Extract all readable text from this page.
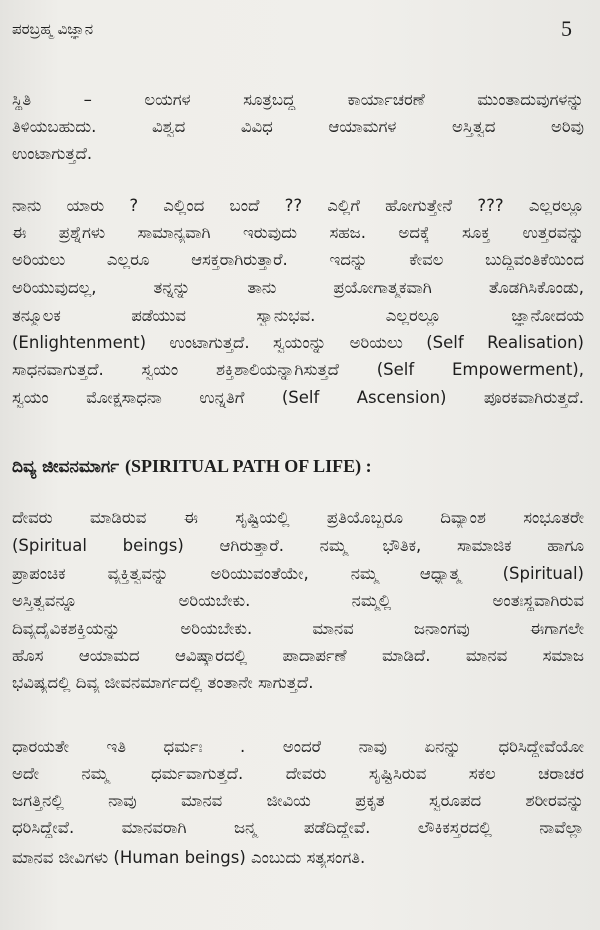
ಪರಬ್ರಹ್ಮ ವಿಜ್ಞಾನ	5
ಸ್ಥಿತಿ – ಲಯಗಳ ಸೂತ್ರಬದ್ಧ ಕಾರ್ಯಾಚರಣೆ ಮುಂತಾದುವುಗಳನ್ನು
ತಿಳಿಯಬಹುದು. ವಿಶ್ವದ ವಿವಿಧ ಆಯಾಮಗಳ ಅಸ್ತಿತ್ವದ ಅರಿವು
ಉಂಟಾಗುತ್ತದೆ.
ನಾನು ಯಾರು ? ಎಲ್ಲಿಂದ ಬಂದೆ ?? ಎಲ್ಲಿಗೆ ಹೋಗುತ್ತೇನೆ ??? ಎಲ್ಲರಲ್ಲೂ
ಈ ಪ್ರಶ್ನೆಗಳು ಸಾಮಾನ್ಯವಾಗಿ ಇರುವುದು ಸಹಜ. ಅದಕ್ಕೆ ಸೂಕ್ತ ಉತ್ತರವನ್ನು
ಅರಿಯಲು ಎಲ್ಲರೂ ಆಸಕ್ತರಾಗಿರುತ್ತಾರೆ. ಇದನ್ನು ಕೇವಲ ಬುದ್ಧಿವಂತಿಕೆಯಿಂದ
ಅರಿಯುವುದಲ್ಲ, ತನ್ನನ್ನು ತಾನು ಪ್ರಯೋಗಾತ್ಮಕವಾಗಿ ತೊಡಗಿಸಿಕೊಂಡು,
ತನ್ಮೂಲಕ ಪಡೆಯುವ ಸ್ವಾನುಭವ. ಎಲ್ಲರಲ್ಲೂ ಜ್ಞಾನೋದಯ
(Enlightenment) ಉಂಟಾಗುತ್ತದೆ. ಸ್ವಯಂನ್ನು ಅರಿಯಲು (Self Realisation)
ಸಾಧನವಾಗುತ್ತದೆ. ಸ್ವಯಂ ಶಕ್ತಿಶಾಲಿಯನ್ನಾಗಿಸುತ್ತದೆ (Self Empowerment),
ಸ್ವಯಂ ಮೋಕ್ಷಸಾಧನಾ ಉನ್ನತಿಗೆ (Self Ascension) ಪೂರಕವಾಗಿರುತ್ತದೆ.
ದಿವ್ಯ ಜೀವನಮಾರ್ಗ (SPIRITUAL PATH OF LIFE) :
ದೇವರು ಮಾಡಿರುವ ಈ ಸೃಷ್ಟಿಯಲ್ಲಿ ಪ್ರತಿಯೊಬ್ಬರೂ ದಿವ್ಯಾಂಶ ಸಂಭೂತರೇ
(Spiritual beings) ಆಗಿರುತ್ತಾರೆ. ನಮ್ಮ ಭೌತಿಕ, ಸಾಮಾಜಿಕ ಹಾಗೂ
ಪ್ರಾಪಂಚಿಕ ವ್ಯಕ್ತಿತ್ವವನ್ನು ಅರಿಯುವಂತೆಯೇ, ನಮ್ಮ ಆಧ್ಯಾತ್ಮ (Spiritual)
ಅಸ್ತಿತ್ವವನ್ನೂ ಅರಿಯಬೇಕು. ನಮ್ಮಲ್ಲಿ ಅಂತಃಸ್ಥವಾಗಿರುವ
ದಿವ್ಯದೈವಿಕಶಕ್ತಿಯನ್ನು ಅರಿಯಬೇಕು. ಮಾನವ ಜನಾಂಗವು ಈಗಾಗಲೇ
ಹೊಸ ಆಯಾಮದ ಆವಿಷ್ಕಾರದಲ್ಲಿ ಪಾದಾರ್ಪಣೆ ಮಾಡಿದೆ. ಮಾನವ ಸಮಾಜ
ಭವಿಷ್ಯದಲ್ಲಿ ದಿವ್ಯ ಜೀವನಮಾರ್ಗದಲ್ಲಿ ತಂತಾನೇ ಸಾಗುತ್ತದೆ.
ಧಾರಯತೇ ಇತಿ ಧರ್ಮಃ . ಅಂದರೆ ನಾವು ಏನನ್ನು ಧರಿಸಿದ್ದೇವೆಯೋ
ಅದೇ ನಮ್ಮ ಧರ್ಮವಾಗುತ್ತದೆ. ದೇವರು ಸೃಷ್ಟಿಸಿರುವ ಸಕಲ ಚರಾಚರ
ಜಗತ್ತಿನಲ್ಲಿ ನಾವು ಮಾನವ ಜೀವಿಯ ಪ್ರಕೃತ ಸ್ವರೂಪದ ಶರೀರವನ್ನು
ಧರಿಸಿದ್ದೇವೆ. ಮಾನವರಾಗಿ ಜನ್ಮ ಪಡೆದಿದ್ದೇವೆ. ಲೌಕಿಕಸ್ತರದಲ್ಲಿ ನಾವೆಲ್ಲಾ
ಮಾನವ ಜೀವಿಗಳು (Human beings) ಎಂಬುದು ಸತ್ಯಸಂಗತಿ.
